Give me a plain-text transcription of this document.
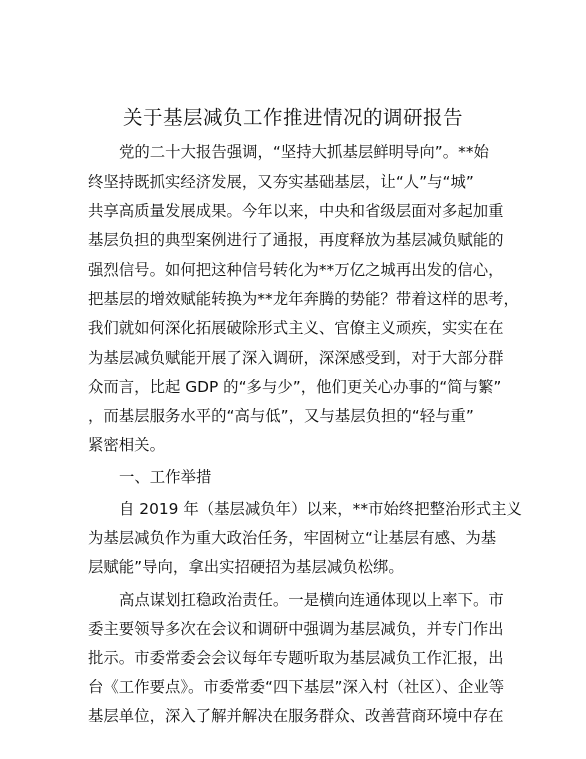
关于基层减负工作推进情况的调研报告
党的二十大报告强调，“坚持大抓基层鲜明导向”。**始
终坚持既抓实经济发展，又夯实基础基层，让“人”与“城”
共享高质量发展成果。今年以来，中央和省级层面对多起加重
基层负担的典型案例进行了通报，再度释放为基层减负赋能的
强烈信号。如何把这种信号转化为**万亿之城再出发的信心，
把基层的增效赋能转换为**龙年奔腾的势能？带着这样的思考，
我们就如何深化拓展破除形式主义、官僚主义顽疾，实实在在
为基层减负赋能开展了深入调研，深深感受到，对于大部分群
众而言，比起 GDP 的“多与少”，他们更关心办事的“简与繁”
，而基层服务水平的“高与低”，又与基层负担的“轻与重”
紧密相关。
一、工作举措
自 2019 年（基层减负年）以来，**市始终把整治形式主义
为基层减负作为重大政治任务，牢固树立“让基层有感、为基
层赋能”导向，拿出实招硬招为基层减负松绑。
高点谋划扛稳政治责任。一是横向连通体现以上率下。市
委主要领导多次在会议和调研中强调为基层减负，并专门作出
批示。市委常委会会议每年专题听取为基层减负工作汇报，出
台《工作要点》。市委常委“四下基层”深入村（社区）、企业等
基层单位，深入了解并解决在服务群众、改善营商环境中存在
